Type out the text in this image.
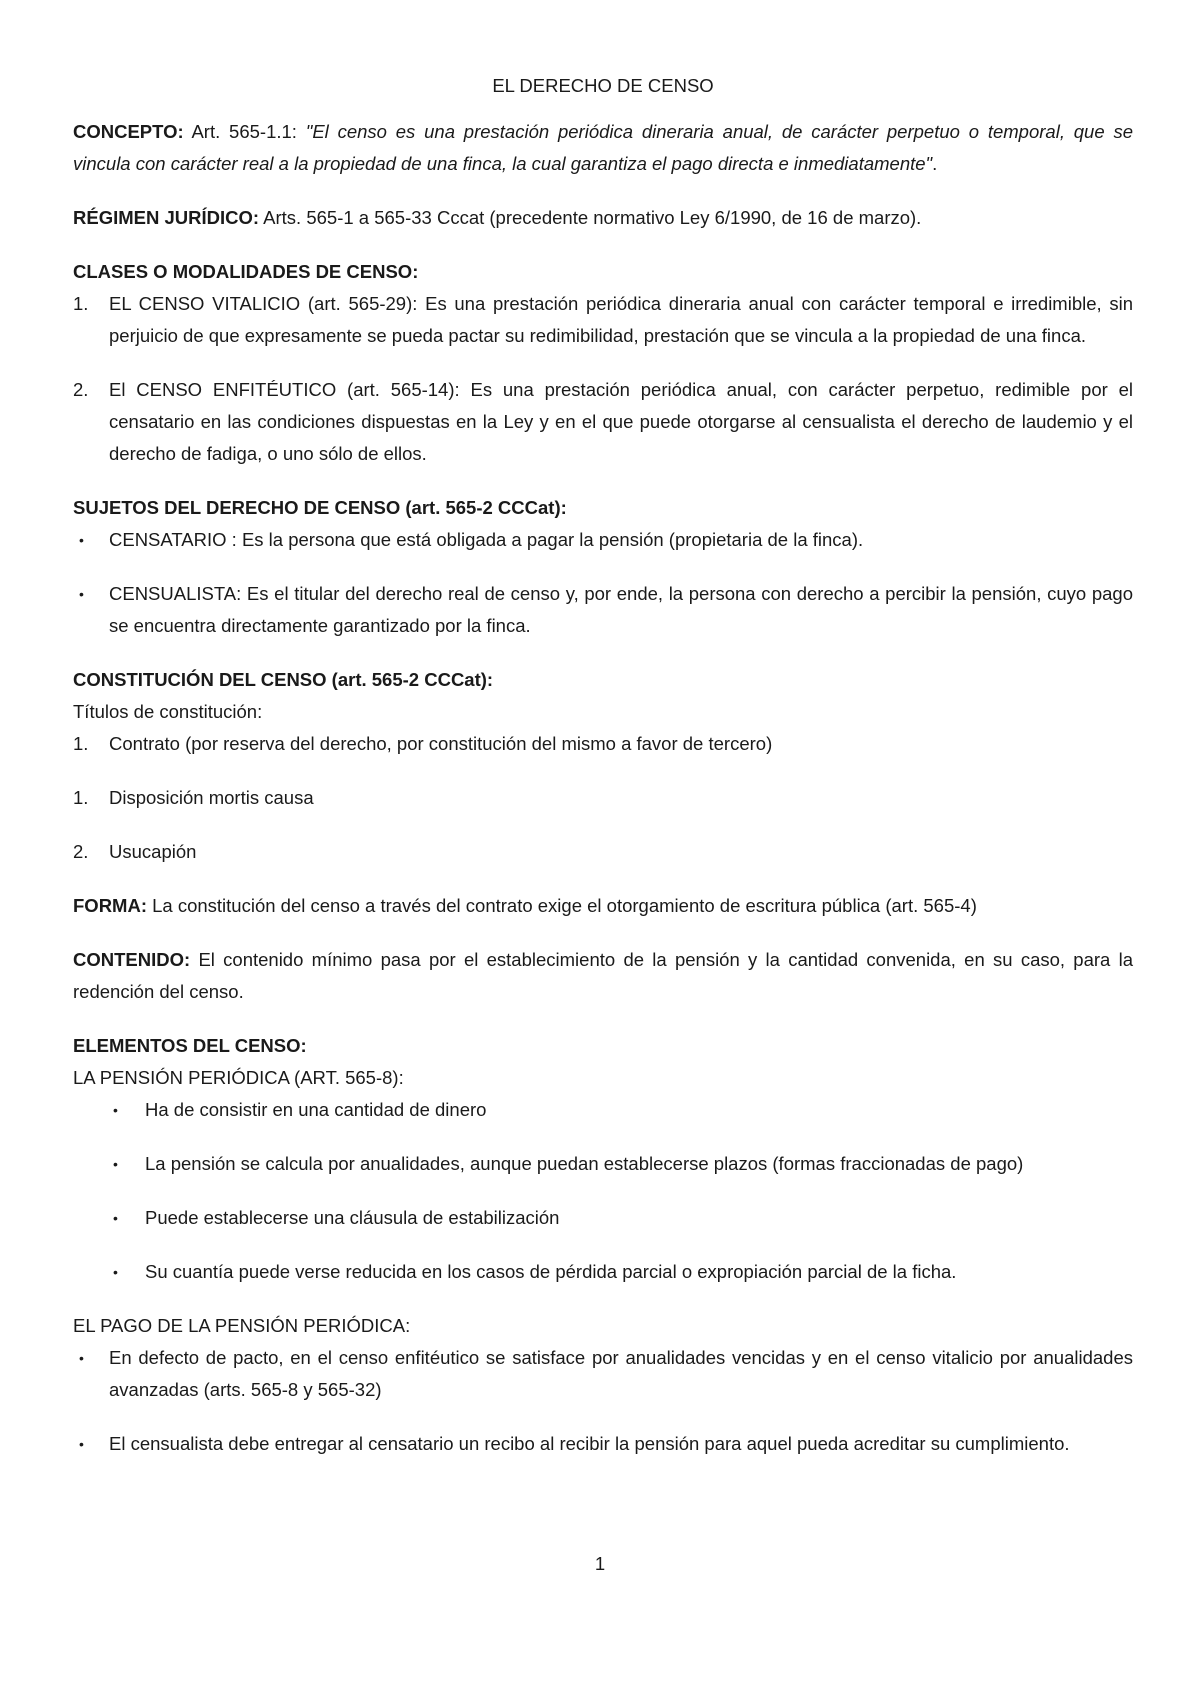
EL DERECHO DE CENSO

CONCEPTO: Art. 565-1.1: "El censo es una prestación periódica dineraria anual, de carácter perpetuo o temporal, que se vincula con carácter real a la propiedad de una finca, la cual garantiza el pago directa e inmediatamente".

RÉGIMEN JURÍDICO: Arts. 565-1 a 565-33 Cccat (precedente normativo Ley 6/1990, de 16 de marzo).

CLASES O MODALIDADES DE CENSO:
1. EL CENSO VITALICIO (art. 565-29): Es una prestación periódica dineraria anual con carácter temporal e irredimible, sin perjuicio de que expresamente se pueda pactar su redimibilidad, prestación que se vincula a la propiedad de una finca.
2. El CENSO ENFITÉUTICO (art. 565-14): Es una prestación periódica anual, con carácter perpetuo, redimible por el censatario en las condiciones dispuestas en la Ley y en el que puede otorgarse al censualista el derecho de laudemio y el derecho de fadiga, o uno sólo de ellos.
SUJETOS DEL DERECHO DE CENSO (art. 565-2 CCCat):
• CENSATARIO : Es la persona que está obligada a pagar la pensión (propietaria de la finca).
• CENSUALISTA: Es el titular del derecho real de censo y, por ende, la persona con derecho a percibir la pensión, cuyo pago se encuentra directamente garantizado por la finca.
CONSTITUCIÓN DEL CENSO (art. 565-2 CCCat):
Títulos de constitución:
1. Contrato (por reserva del derecho, por constitución del mismo a favor de tercero)
1. Disposición mortis causa
2. Usucapión

FORMA: La constitución del censo a través del contrato exige el otorgamiento de escritura pública (art. 565-4)

CONTENIDO: El contenido mínimo pasa por el establecimiento de la pensión y la cantidad convenida, en su caso, para la redención del censo.

ELEMENTOS DEL CENSO:
LA PENSIÓN PERIÓDICA (ART. 565-8):
• Ha de consistir en una cantidad de dinero
• La pensión se calcula por anualidades, aunque puedan establecerse plazos (formas fraccionadas de pago)
• Puede establecerse una cláusula de estabilización
• Su cuantía puede verse reducida en los casos de pérdida parcial o expropiación parcial de la ficha.
EL PAGO DE LA PENSIÓN PERIÓDICA:
• En defecto de pacto, en el censo enfitéutico se satisface por anualidades vencidas y en el censo vitalicio por anualidades avanzadas (arts. 565-8 y 565-32)
• El censualista debe entregar al censatario un recibo al recibir la pensión para aquel pueda acreditar su cumplimiento.
1
